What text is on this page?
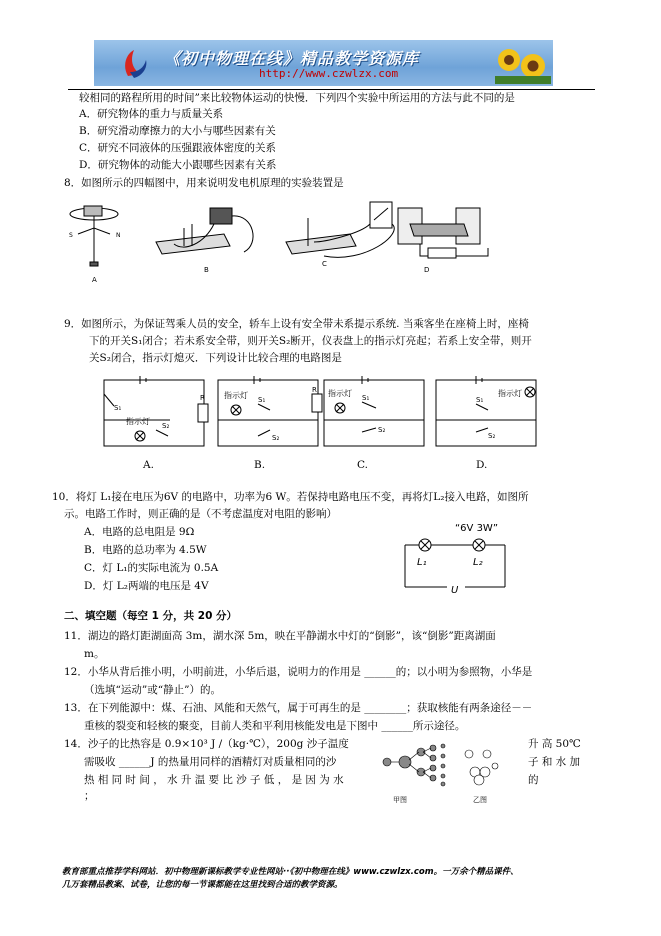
《初中物理在线》精品教学资源库
http://www.czwlzx.com
较相同的路程所用的时间”来比较物体运动的快慢．下列四个实验中所运用的方法与此不同的是
A．研究物体的重力与质量关系
B．研究滑动摩擦力的大小与哪些因素有关
C．研究不同液体的压强跟液体密度的关系
D．研究物体的动能大小跟哪些因素有关系
8．如图所示的四幅图中，用来说明发电机原理的实验装置是
S	N
A
B
C
D
9．如图所示，为保证驾乘人员的安全，轿车上设有安全带未系提示系统. 当乘客坐在座椅上时，座椅
下的开关S₁闭合；若未系安全带，则开关S₂断开，仪表盘上的指示灯亮起；若系上安全带，则开
关S₂闭合，指示灯熄灭．下列设计比较合理的电路图是
指示灯
S₁
S₂
R 指示灯 S₁
S₂
R 指示灯 S₁
S₂
指示灯
S₁
S₂
A.	B.	C.	D.
10．将灯 L₁接在电压为6V 的电路中，功率为6 W。若保持电路电压不变，再将灯L₂接入电路，如图所
示。电路工作时，则正确的是（不考虑温度对电阻的影响）
A．电路的总电阻是 9Ω
B．电路的总功率为 4.5W
C．灯 L₁的实际电流为 0.5A
D．灯 L₂两端的电压是 4V
“6V 3W”
L₁	L₂
U
二、填空题（每空 1 分，共 20 分）
11．湖边的路灯距湖面高 3m，湖水深 5m，映在平静湖水中灯的“倒影”，该“倒影”距离湖面
m。
12．小华从背后推小明，小明前进，小华后退，说明力的作用是 ______的；以小明为参照物，小华是
（选填“运动”或“静止”）的。
13．在下列能源中：煤、石油、风能和天然气，属于可再生的是 ________；获取核能有两条途径－－
重核的裂变和轻核的聚变，目前人类和平利用核能发电是下图中 ______所示途径。
14．沙子的比热容是 0.9×10³ J /（kg·℃），200g 沙子温度	升 高 50℃
需吸收 ______J 的热量用同样的酒精灯对质量相同的沙	子 和 水 加
热 相 同 时 间 ， 水 升 温 要 比 沙 子 低 ， 是 因 为 水	的
；	甲图	乙图
教育部重点推荐学科网站．初中物理新课标教学专业性网站··《初中物理在线》www.czwlzx.com。一万余个精品课件、
几万套精品教案、试卷，让您的每一节课都能在这里找到合适的教学资源。
